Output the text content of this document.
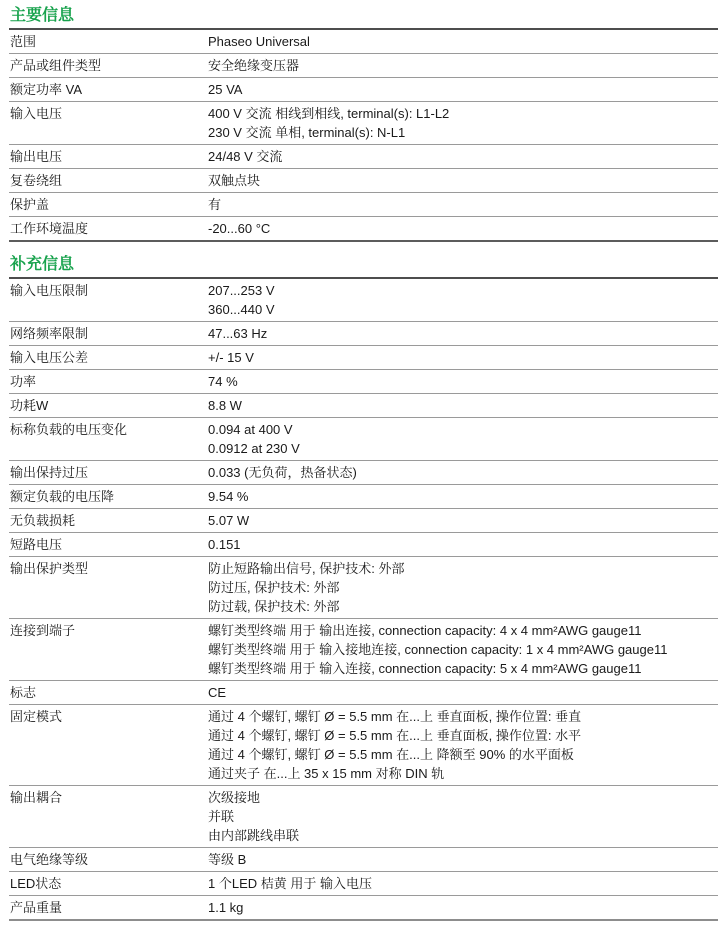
主要信息
范围	Phaseo Universal
产品或组件类型	安全绝缘变压器
额定功率 VA	25 VA
输入电压	400 V 交流 相线到相线, terminal(s): L1-L2
230 V 交流 单相, terminal(s): N-L1
输出电压	24/48 V 交流
复卷绕组	双触点块
保护盖	有
工作环境温度	-20...60 °C
补充信息
输入电压限制	207...253 V
360...440 V
网络频率限制	47...63 Hz
输入电压公差	+/- 15 V
功率	74 %
功耗W	8.8 W
标称负载的电压变化	0.094 at 400 V
0.0912 at 230 V
输出保持过压	0.033 (无负荷，热备状态)
额定负载的电压降	9.54 %
无负载损耗	5.07 W
短路电压	0.151
输出保护类型	防止短路输出信号, 保护技术: 外部
防过压, 保护技术: 外部
防过载, 保护技术: 外部
连接到端子	螺钉类型终端 用于 输出连接, connection capacity: 4 x 4 mm²AWG gauge11
螺钉类型终端 用于 输入接地连接, connection capacity: 1 x 4 mm²AWG gauge11
螺钉类型终端 用于 输入连接, connection capacity: 5 x 4 mm²AWG gauge11
标志	CE
固定模式	通过 4 个螺钉, 螺钉 Ø = 5.5 mm 在...上 垂直面板, 操作位置: 垂直
通过 4 个螺钉, 螺钉 Ø = 5.5 mm 在...上 垂直面板, 操作位置: 水平
通过 4 个螺钉, 螺钉 Ø = 5.5 mm 在...上 降额至 90% 的水平面板
通过夹子 在...上 35 x 15 mm 对称 DIN 轨
输出耦合	次级接地
并联
由内部跳线串联
电气绝缘等级	等级 B
LED状态	1 个LED 桔黄 用于 输入电压
产品重量	1.1 kg
